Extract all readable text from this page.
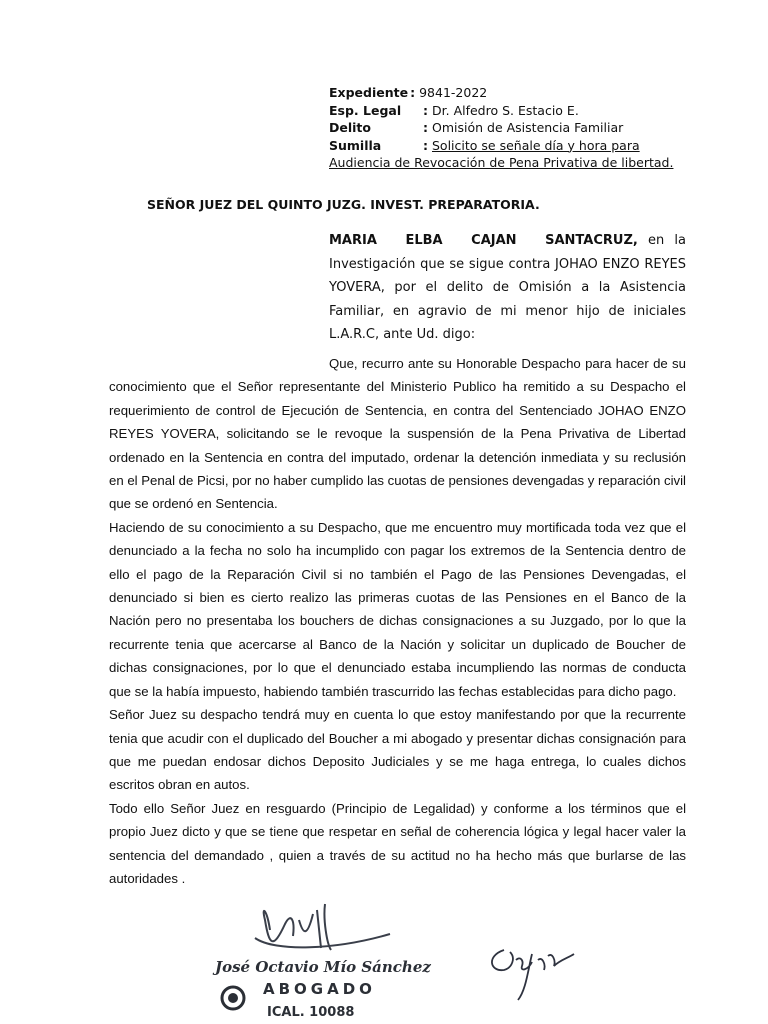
Expediente : 9841-2022
Esp. Legal	: Dr. Alfedro S. Estacio E.
Delito	: Omisión de Asistencia Familiar
Sumilla	: Solicito se señale día y hora para
Audiencia de Revocación de Pena Privativa de libertad.
SEÑOR JUEZ DEL QUINTO JUZG. INVEST. PREPARATORIA.
MARIA ELBA CAJAN SANTACRUZ, en la Investigación que se sigue contra JOHAO ENZO REYES YOVERA, por el delito de Omisión a la Asistencia Familiar, en agravio de mi menor hijo de iniciales L.A.R.C, ante Ud. digo:

Que, recurro ante su Honorable Despacho para hacer de su conocimiento que el Señor representante del Ministerio Publico ha remitido a su Despacho el requerimiento de control de Ejecución de Sentencia, en contra del Sentenciado JOHAO ENZO REYES YOVERA, solicitando se le revoque la suspensión de la Pena Privativa de Libertad ordenado en la Sentencia en contra del imputado, ordenar la detención inmediata y su reclusión en el Penal de Picsi, por no haber cumplido las cuotas de pensiones devengadas y reparación civil que se ordenó en Sentencia.

Haciendo de su conocimiento a su Despacho, que me encuentro muy mortificada toda vez que el denunciado a la fecha no solo ha incumplido con pagar los extremos de la Sentencia dentro de ello el pago de la Reparación Civil si no también el Pago de las Pensiones Devengadas, el denunciado si bien es cierto realizo las primeras cuotas de las Pensiones en el Banco de la Nación pero no presentaba los bouchers de dichas consignaciones a su Juzgado, por lo que la recurrente tenia que acercarse al Banco de la Nación y solicitar un duplicado de Boucher de dichas consignaciones, por lo que el denunciado estaba incumpliendo las normas de conducta que se la había impuesto, habiendo también trascurrido las fechas establecidas para dicho pago.

Señor Juez su despacho tendrá muy en cuenta lo que estoy manifestando por que la recurrente tenia que acudir con el duplicado del Boucher a mi abogado y presentar dichas consignación para que me puedan endosar dichos Deposito Judiciales y se me haga entrega, lo cuales dichos escritos obran en autos.

Todo ello Señor Juez en resguardo (Principio de Legalidad) y conforme a los términos que el propio Juez dicto y que se tiene que respetar en señal de coherencia lógica y legal hacer valer la sentencia del demandado , quien a través de su actitud no ha hecho más que burlarse de las autoridades .

José Octavio Mío Sánchez
ABOGADO
ICAL. 10088
